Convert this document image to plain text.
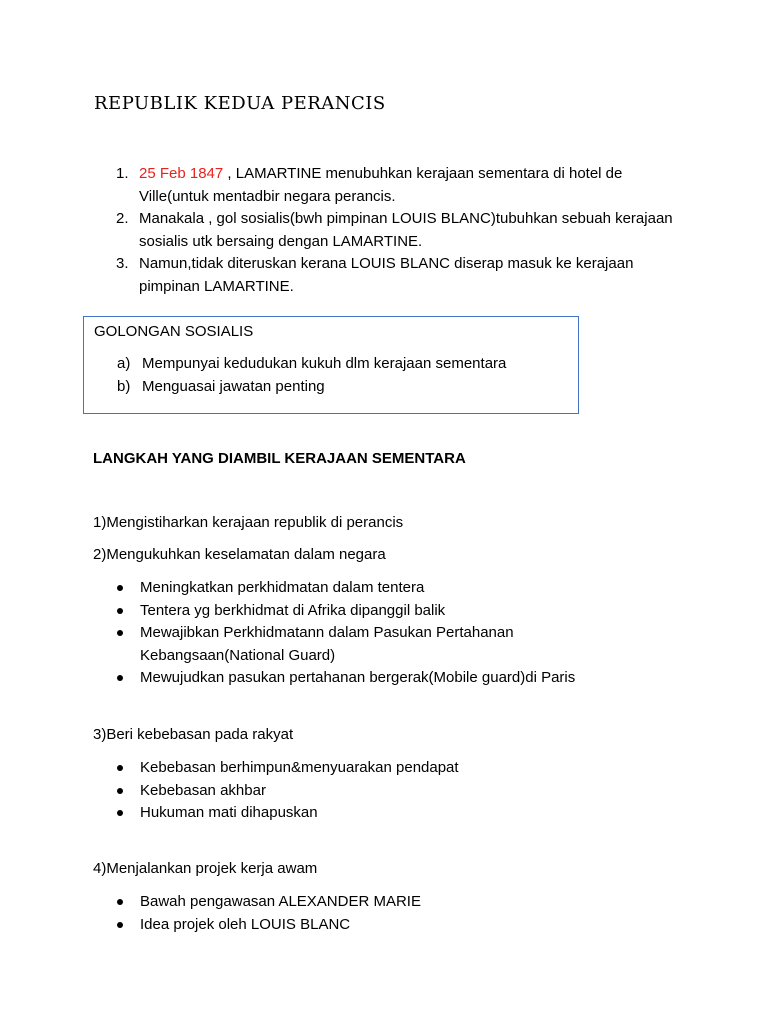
REPUBLIK KEDUA PERANCIS
1. 25 Feb 1847 , LAMARTINE menubuhkan kerajaan sementara di hotel de Ville(untuk mentadbir negara perancis.
2. Manakala , gol sosialis(bwh pimpinan LOUIS BLANC)tubuhkan sebuah kerajaan sosialis utk bersaing dengan LAMARTINE.
3. Namun,tidak diteruskan kerana LOUIS BLANC diserap masuk ke kerajaan pimpinan LAMARTINE.
GOLONGAN SOSIALIS
a) Mempunyai kedudukan kukuh dlm kerajaan sementara
b) Menguasai jawatan penting
LANGKAH YANG DIAMBIL KERAJAAN SEMENTARA
1)Mengistiharkan kerajaan republik di perancis
2)Mengukuhkan keselamatan dalam negara
Meningkatkan perkhidmatan dalam tentera
Tentera yg berkhidmat di Afrika dipanggil balik
Mewajibkan Perkhidmatann dalam Pasukan Pertahanan Kebangsaan(National Guard)
Mewujudkan pasukan pertahanan bergerak(Mobile guard)di Paris
3)Beri kebebasan pada rakyat
Kebebasan berhimpun&menyuarakan pendapat
Kebebasan akhbar
Hukuman mati dihapuskan
4)Menjalankan projek kerja awam
Bawah pengawasan ALEXANDER MARIE
Idea projek oleh LOUIS BLANC
